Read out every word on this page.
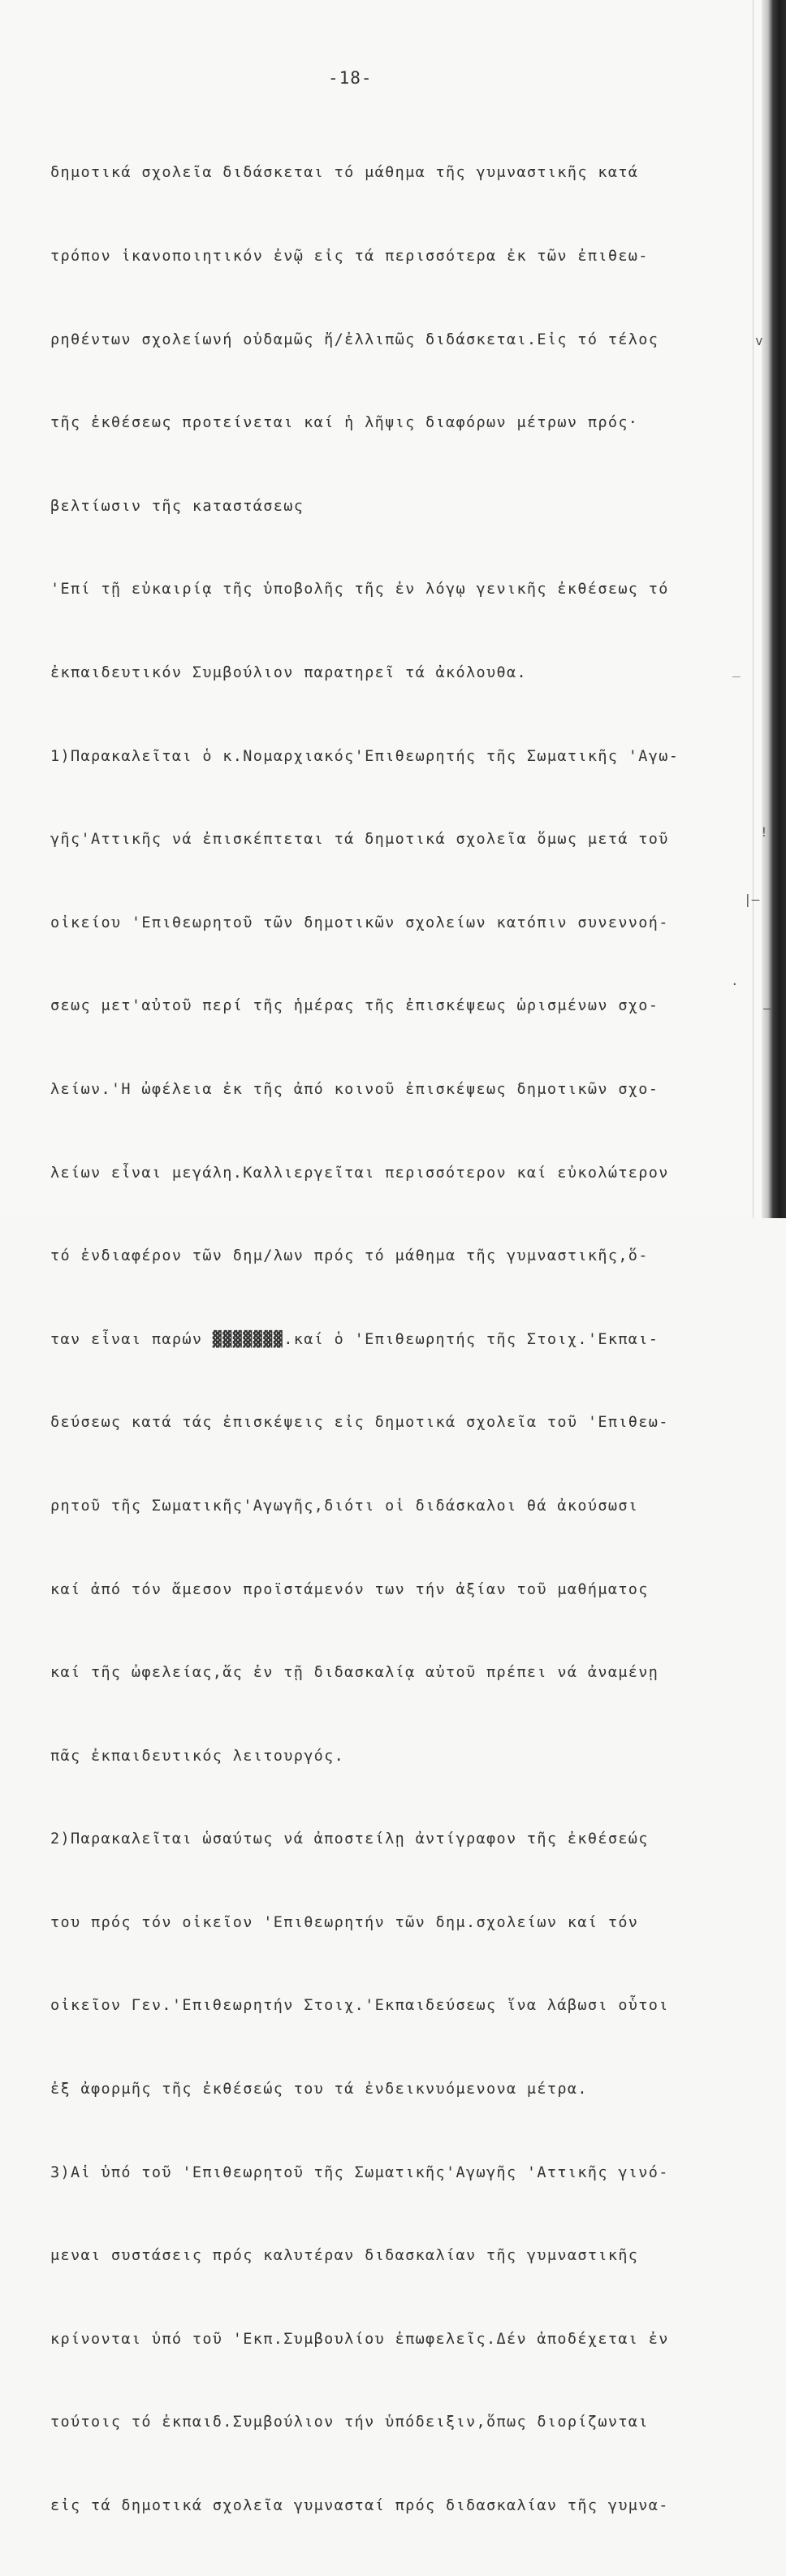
-18-

δημοτικά σχολεῖα διδάσκεται τό μάθημα τῆς γυμναστικῆς κατά

τρόπον ἱκανοποιητικόν ἐνῷ εἰς τά περισσότερα ἐκ τῶν ἐπιθεω-

ρηθέντων σχολείωνή οὐδαμῶς ἤ/ἐλλιπῶς διδάσκεται.Εἰς τό τέλος

τῆς ἐκθέσεως προτείνεται καί ἡ λῆψις διαφόρων μέτρων πρός·

βελτίωσιν τῆς κaταστάσεως

'Επί τῇ εὐκαιρίᾳ τῆς ὑποβολῆς τῆς ἐν λόγῳ γενικῆς ἐκθέσεως τό

ἐκπαιδευτικόν Συμβούλιον παρατηρεῖ τά ἀκόλουθα.

1)Παρακαλεῖται ὁ κ.Νομαρχιακός'Επιθεωρητής τῆς Σωματικῆς 'Αγω-

γῆς'Αττικῆς νά ἐπισκέπτεται τά δημοτικά σχολεῖα ὅμως μετά τοῦ

οἰκείου 'Επιθεωρητοῦ τῶν δημοτικῶν σχολείων κατόπιν συνεννοή-

σεως μετ'αὐτοῦ περί τῆς ἡμέρας τῆς ἐπισκέψεως ὡρισμένων σχο-

λείων.'Η ὠφέλεια ἐκ τῆς ἀπό κοινοῦ ἐπισκέψεως δημοτικῶν σχο-

λείων εἶναι μεγάλη.Καλλιεργεῖται περισσότερον καί εὐκολώτερον

τό ἐνδιαφέρον τῶν δημ/λων πρός τό μάθημα τῆς γυμναστικῆς,ὅ-

ταν εἶναι παρών ▓▓▓▓▓▓▓.καί ὁ 'Επιθεωρητής τῆς Στοιχ.'Εκπαι-

δεύσεως κατά τάς ἐπισκέψεις εἰς δημοτικά σχολεῖα τοῦ 'Επιθεω-

ρητοῦ τῆς Σωματικῆς'Αγωγῆς,διότι οἱ διδάσκαλοι θά ἀκούσωσι

καί ἀπό τόν ἄμεσον προϊστάμενόν των τήν ἀξίαν τοῦ μαθήματος

καί τῆς ὠφελείας,ἅς ἐν τῇ διδασκαλίᾳ αὐτοῦ πρέπει νά ἀναμένῃ

πᾶς ἐκπαιδευτικός λειτουργός.

2)Παρακαλεῖται ὡσαύτως νά ἀποστείλῃ ἀντίγραφον τῆς ἐκθέσεώς

του πρός τόν οἰκεῖον 'Επιθεωρητήν τῶν δημ.σχολείων καί τόν

οἰκεῖον Γεν.'Επιθεωρητήν Στοιχ.'Εκπαιδεύσεως ἵνα λάβωσι οὗτοι

ἐξ ἀφορμῆς τῆς ἐκθέσεώς του τά ἐνδεικνυόμενονα μέτρα.

3)Αἱ ὑπό τοῦ 'Επιθεωρητοῦ τῆς Σωματικῆς'Αγωγῆς 'Αττικῆς γινό-

μεναι συστάσεις πρός καλυτέραν διδασκαλίαν τῆς γυμναστικῆς

κρίνονται ὑπό τοῦ 'Εκπ.Συμβουλίου ἐπωφελεῖς.Δέν ἀποδέχεται ἐν

τούτοις τό ἐκπαιδ.Συμβούλιον τήν ὑπόδειξιν,ὅπως διορίζωνται

εἰς τά δημοτικά σχολεῖα γυμνασταί πρός διδασκαλίαν τῆς γυμνα-

v
_
!
|—
.
—
